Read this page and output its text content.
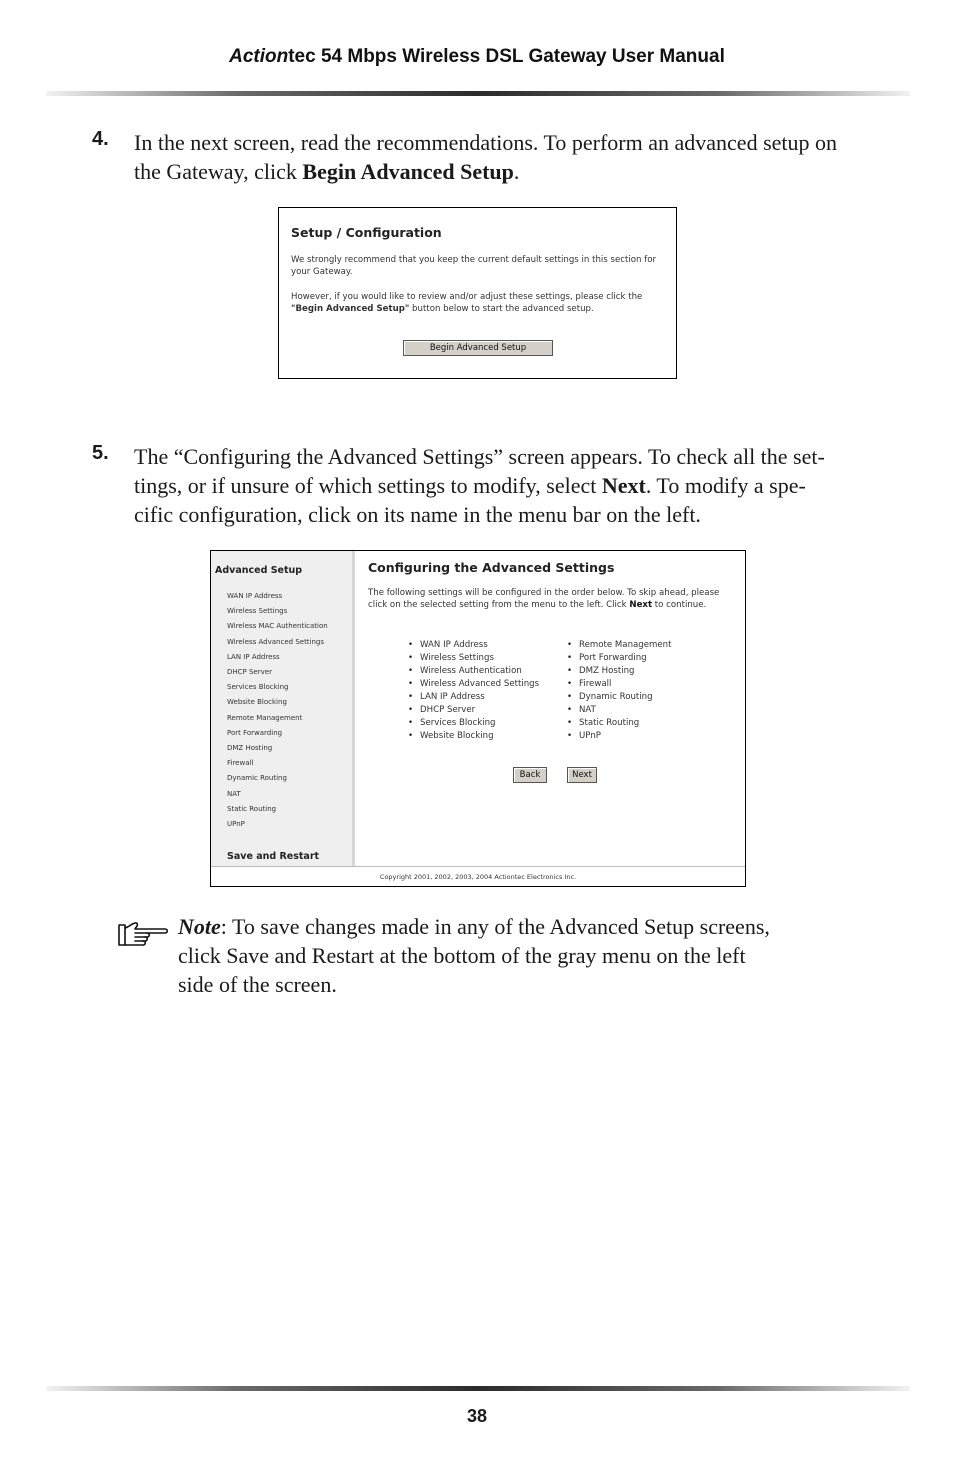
Actiontec 54 Mbps Wireless DSL Gateway User Manual
4. In the next screen, read the recommendations. To perform an advanced setup on the Gateway, click Begin Advanced Setup.
Setup / Configuration
We strongly recommend that you keep the current default settings in this section for your Gateway.
However, if you would like to review and/or adjust these settings, please click the "Begin Advanced Setup" button below to start the advanced setup.
Begin Advanced Setup
5. The “Configuring the Advanced Settings” screen appears. To check all the set-
tings, or if unsure of which settings to modify, select Next. To modify a spe-
cific configuration, click on its name in the menu bar on the left.
Advanced Setup
WAN IP Address
Wireless Settings
Wireless MAC Authentication
Wireless Advanced Settings
LAN IP Address
DHCP Server
Services Blocking
Website Blocking
Remote Management
Port Forwarding
DMZ Hosting
Firewall
Dynamic Routing
NAT
Static Routing
UPnP
Save and Restart
Configuring the Advanced Settings
The following settings will be configured in the order below. To skip ahead, please click on the selected setting from the menu to the left. Click Next to continue.
• WAN IP Address
• Wireless Settings
• Wireless Authentication
• Wireless Advanced Settings
• LAN IP Address
• DHCP Server
• Services Blocking
• Website Blocking
• Remote Management
• Port Forwarding
• DMZ Hosting
• Firewall
• Dynamic Routing
• NAT
• Static Routing
• UPnP
Back	Next
Copyright 2001, 2002, 2003, 2004 Actiontec Electronics Inc.
Note: To save changes made in any of the Advanced Setup screens, click Save and Restart at the bottom of the gray menu on the left side of the screen.
38
